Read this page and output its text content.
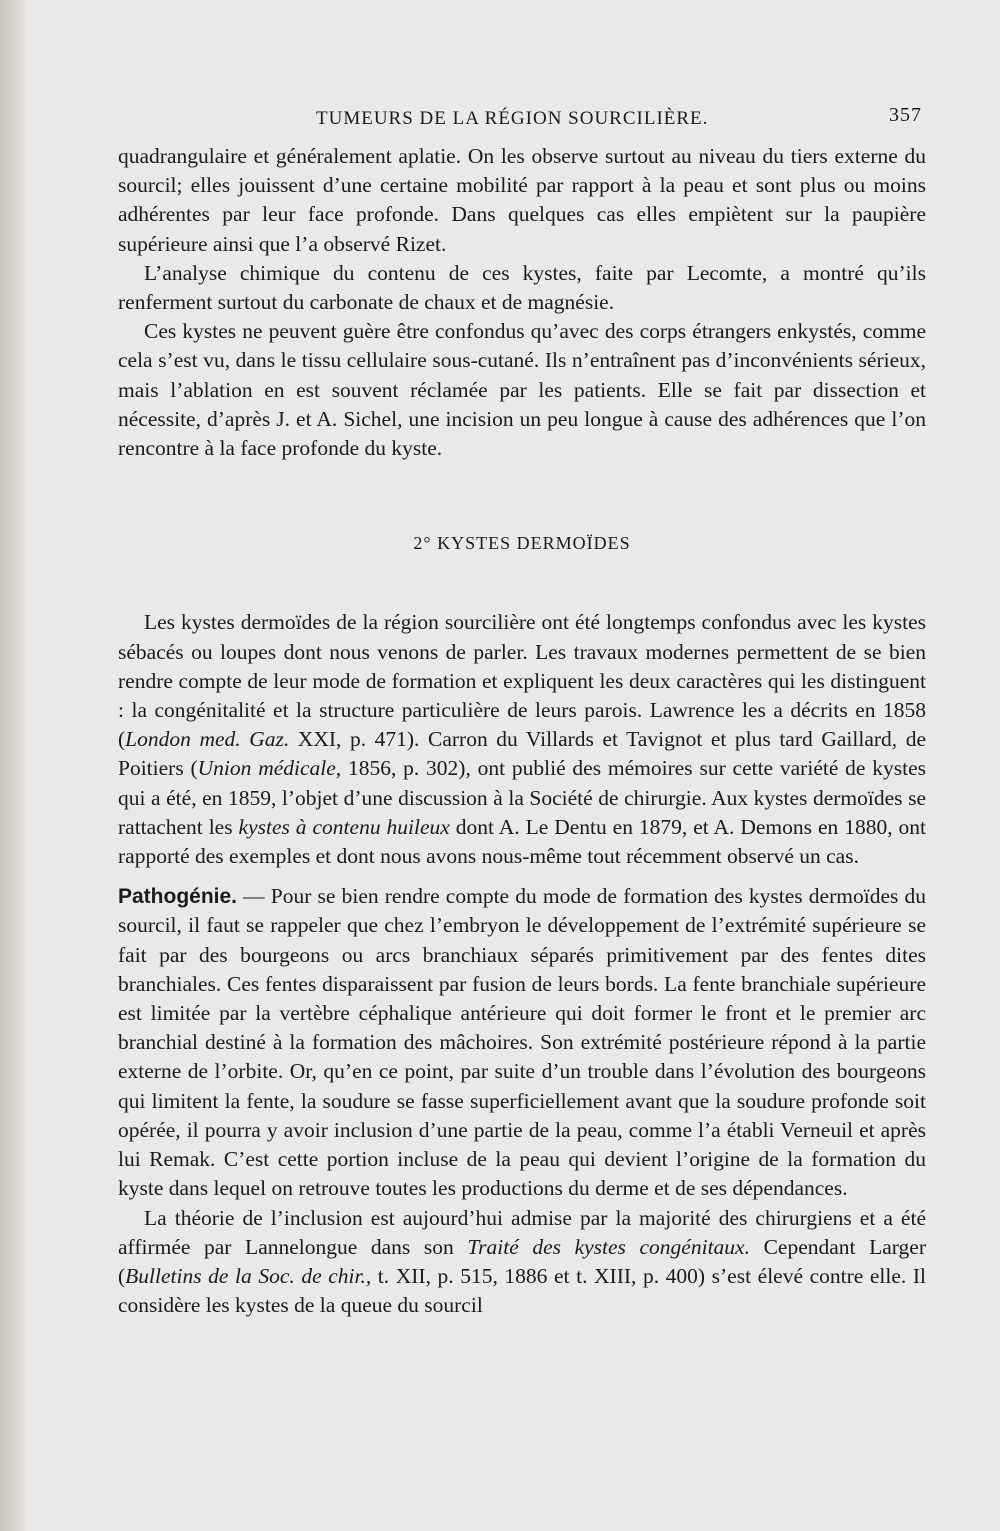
TUMEURS DE LA RÉGION SOURCILIÈRE.	357

quadrangulaire et généralement aplatie. On les observe surtout au niveau du tiers externe du sourcil; elles jouissent d’une certaine mobilité par rapport à la peau et sont plus ou moins adhérentes par leur face profonde. Dans quelques cas elles empiètent sur la paupière supérieure ainsi que l’a observé Rizet.

L’analyse chimique du contenu de ces kystes, faite par Lecomte, a montré qu’ils renferment surtout du carbonate de chaux et de magnésie.

Ces kystes ne peuvent guère être confondus qu’avec des corps étrangers enkystés, comme cela s’est vu, dans le tissu cellulaire sous-cutané. Ils n’entraînent pas d’inconvénients sérieux, mais l’ablation en est souvent réclamée par les patients. Elle se fait par dissection et nécessite, d’après J. et A. Sichel, une incision un peu longue à cause des adhérences que l’on rencontre à la face profonde du kyste.

2° KYSTES DERMOÏDES

Les kystes dermoïdes de la région sourcilière ont été longtemps confondus avec les kystes sébacés ou loupes dont nous venons de parler. Les travaux modernes permettent de se bien rendre compte de leur mode de formation et expliquent les deux caractères qui les distinguent : la congénitalité et la structure particulière de leurs parois. Lawrence les a décrits en 1858 (London med. Gaz. XXI, p. 471). Carron du Villards et Tavignot et plus tard Gaillard, de Poitiers (Union médicale, 1856, p. 302), ont publié des mémoires sur cette variété de kystes qui a été, en 1859, l’objet d’une discussion à la Société de chirurgie. Aux kystes dermoïdes se rattachent les kystes à contenu huileux dont A. Le Dentu en 1879, et A. Demons en 1880, ont rapporté des exemples et dont nous avons nous-même tout récemment observé un cas.

Pathogénie. — Pour se bien rendre compte du mode de formation des kystes dermoïdes du sourcil, il faut se rappeler que chez l’embryon le développement de l’extrémité supérieure se fait par des bourgeons ou arcs branchiaux séparés primitivement par des fentes dites branchiales. Ces fentes disparaissent par fusion de leurs bords. La fente branchiale supérieure est limitée par la vertèbre céphalique antérieure qui doit former le front et le premier arc branchial destiné à la formation des mâchoires. Son extrémité postérieure répond à la partie externe de l’orbite. Or, qu’en ce point, par suite d’un trouble dans l’évolution des bourgeons qui limitent la fente, la soudure se fasse superficiellement avant que la soudure profonde soit opérée, il pourra y avoir inclusion d’une partie de la peau, comme l’a établi Verneuil et après lui Remak. C’est cette portion incluse de la peau qui devient l’origine de la formation du kyste dans lequel on retrouve toutes les productions du derme et de ses dépendances.

La théorie de l’inclusion est aujourd’hui admise par la majorité des chirurgiens et a été affirmée par Lannelongue dans son Traité des kystes congénitaux. Cependant Larger (Bulletins de la Soc. de chir., t. XII, p. 515, 1886 et t. XIII, p. 400) s’est élevé contre elle. Il considère les kystes de la queue du sourcil
